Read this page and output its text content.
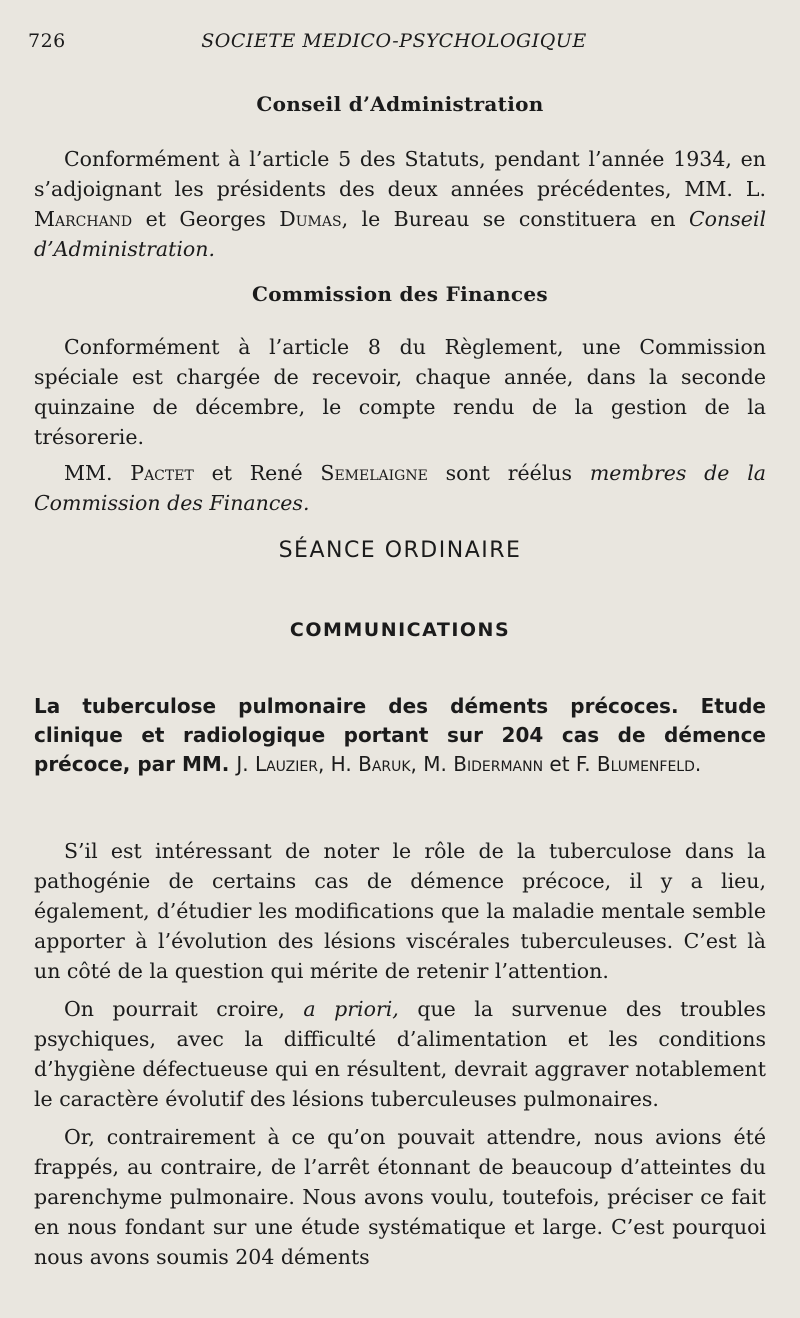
726	SOCIETE MEDICO-PSYCHOLOGIQUE
Conseil d’Administration

Conformément à l’article 5 des Statuts, pendant l’année 1934, en s’adjoignant les présidents des deux années précédentes, MM. L. Marchand et Georges Dumas, le Bureau se constituera en Conseil d’Administration.

Commission des Finances

Conformément à l’article 8 du Règlement, une Commission spéciale est chargée de recevoir, chaque année, dans la seconde quinzaine de décembre, le compte rendu de la gestion de la trésorerie.

MM. Pactet et René Semelaigne sont réélus membres de la Commission des Finances.

SÉANCE ORDINAIRE
COMMUNICATIONS
La tuberculose pulmonaire des déments précoces. Etude clinique et radiologique portant sur 204 cas de démence précoce, par MM. J. Lauzier, H. Baruk, M. Bidermann et F. Blumenfeld.

S’il est intéressant de noter le rôle de la tuberculose dans la pathogénie de certains cas de démence précoce, il y a lieu, également, d’étudier les modifications que la maladie mentale semble apporter à l’évolution des lésions viscérales tuberculeuses. C’est là un côté de la question qui mérite de retenir l’attention.

On pourrait croire, a priori, que la survenue des troubles psychiques, avec la difficulté d’alimentation et les conditions d’hygiène défectueuse qui en résultent, devrait aggraver notablement le caractère évolutif des lésions tuberculeuses pulmonaires.

Or, contrairement à ce qu’on pouvait attendre, nous avions été frappés, au contraire, de l’arrêt étonnant de beaucoup d’atteintes du parenchyme pulmonaire. Nous avons voulu, toutefois, préciser ce fait en nous fondant sur une étude systématique et large. C’est pourquoi nous avons soumis 204 déments
